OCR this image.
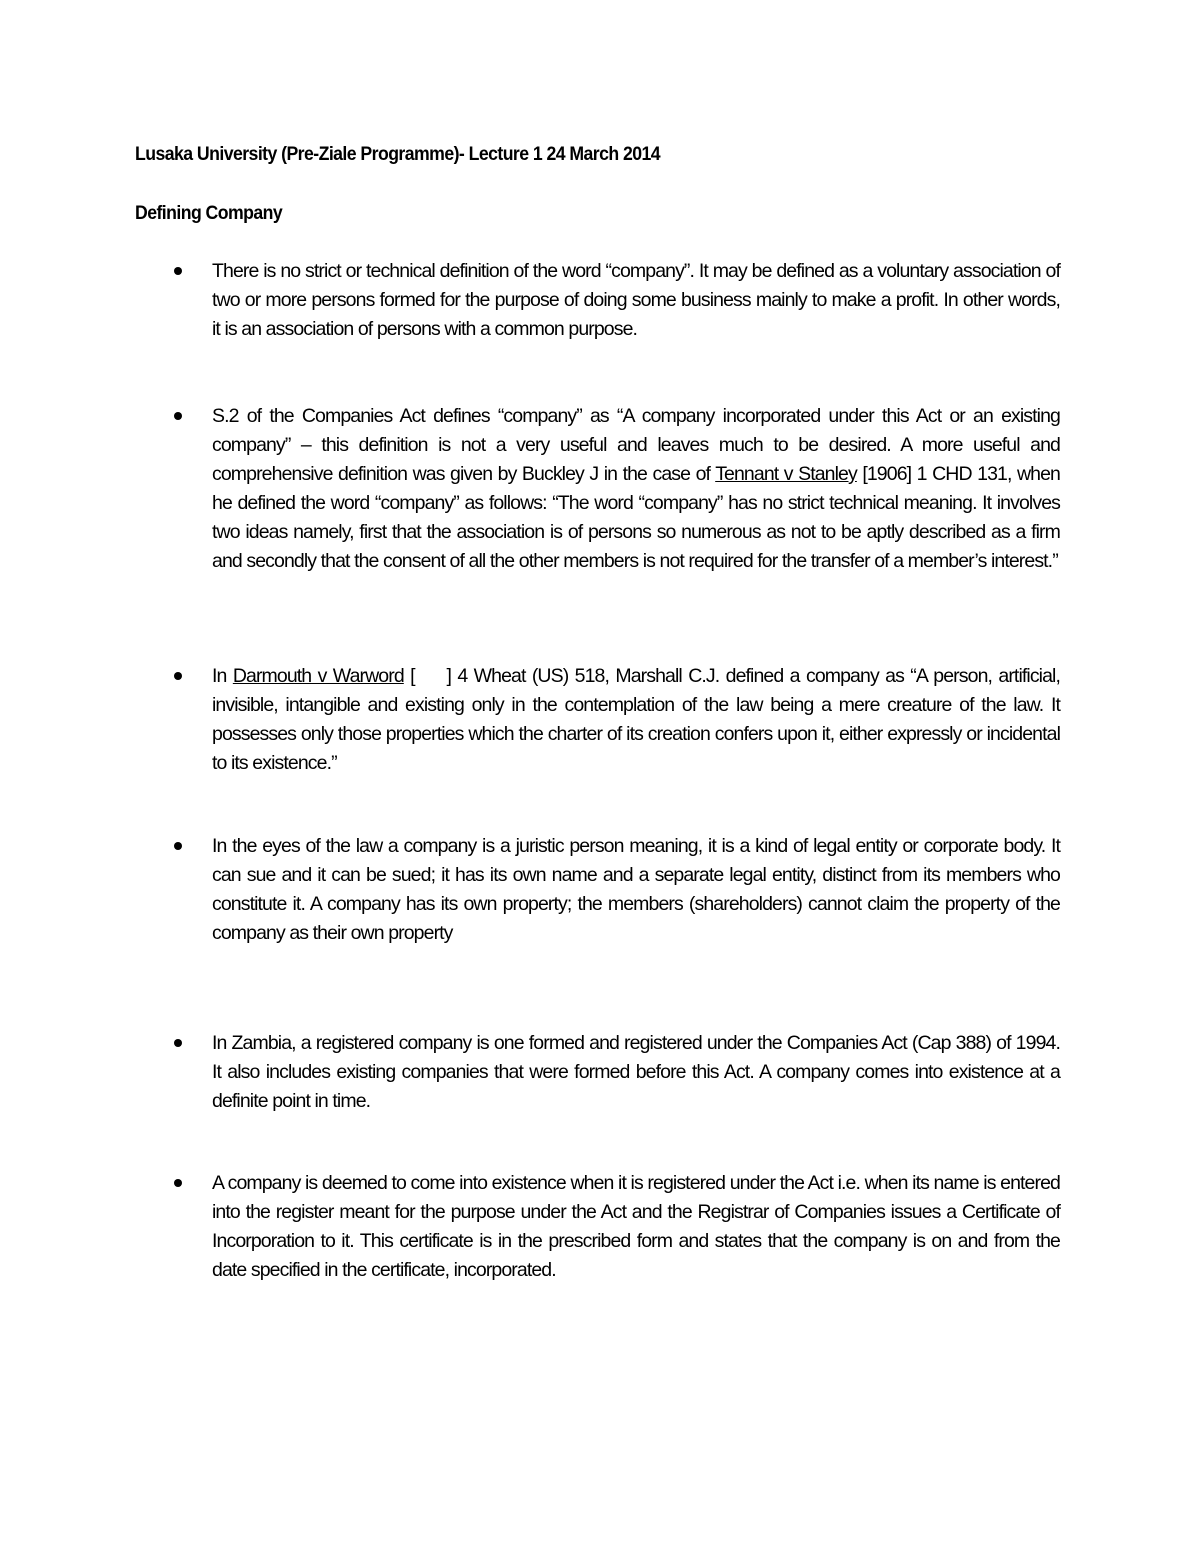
Lusaka University (Pre-Ziale Programme)- Lecture 1 24 March 2014
Defining Company
There is no strict or technical definition of the word “company”. It may be defined as a voluntary association of two or more persons formed for the purpose of doing some business mainly to make a profit. In other words, it is an association of persons with a common purpose.
S.2 of the Companies Act defines “company” as “A company incorporated under this Act or an existing company” – this definition is not a very useful and leaves much to be desired. A more useful and comprehensive definition was given by Buckley J in the case of Tennant v Stanley [1906] 1 CHD 131, when he defined the word “company” as follows: “The word “company” has no strict technical meaning. It involves two ideas namely, first that the association is of persons so numerous as not to be aptly described as a firm and secondly that the consent of all the other members is not required for the transfer of a member’s interest.”
In Darmouth v Warword [     ] 4 Wheat (US) 518, Marshall C.J. defined a company as “A person, artificial, invisible, intangible and existing only in the contemplation of the law being a mere creature of the law. It possesses only those properties which the charter of its creation confers upon it, either expressly or incidental to its existence.”
In the eyes of the law a company is a juristic person meaning, it is a kind of legal entity or corporate body. It can sue and it can be sued; it has its own name and a separate legal entity, distinct from its members who constitute it. A company has its own property; the members (shareholders) cannot claim the property of the company as their own property
In Zambia, a registered company is one formed and registered under the Companies Act (Cap 388) of 1994. It also includes existing companies that were formed before this Act. A company comes into existence at a definite point in time.
A company is deemed to come into existence when it is registered under the Act i.e. when its name is entered into the register meant for the purpose under the Act and the Registrar of Companies issues a Certificate of Incorporation to it. This certificate is in the prescribed form and states that the company is on and from the date specified in the certificate, incorporated.
